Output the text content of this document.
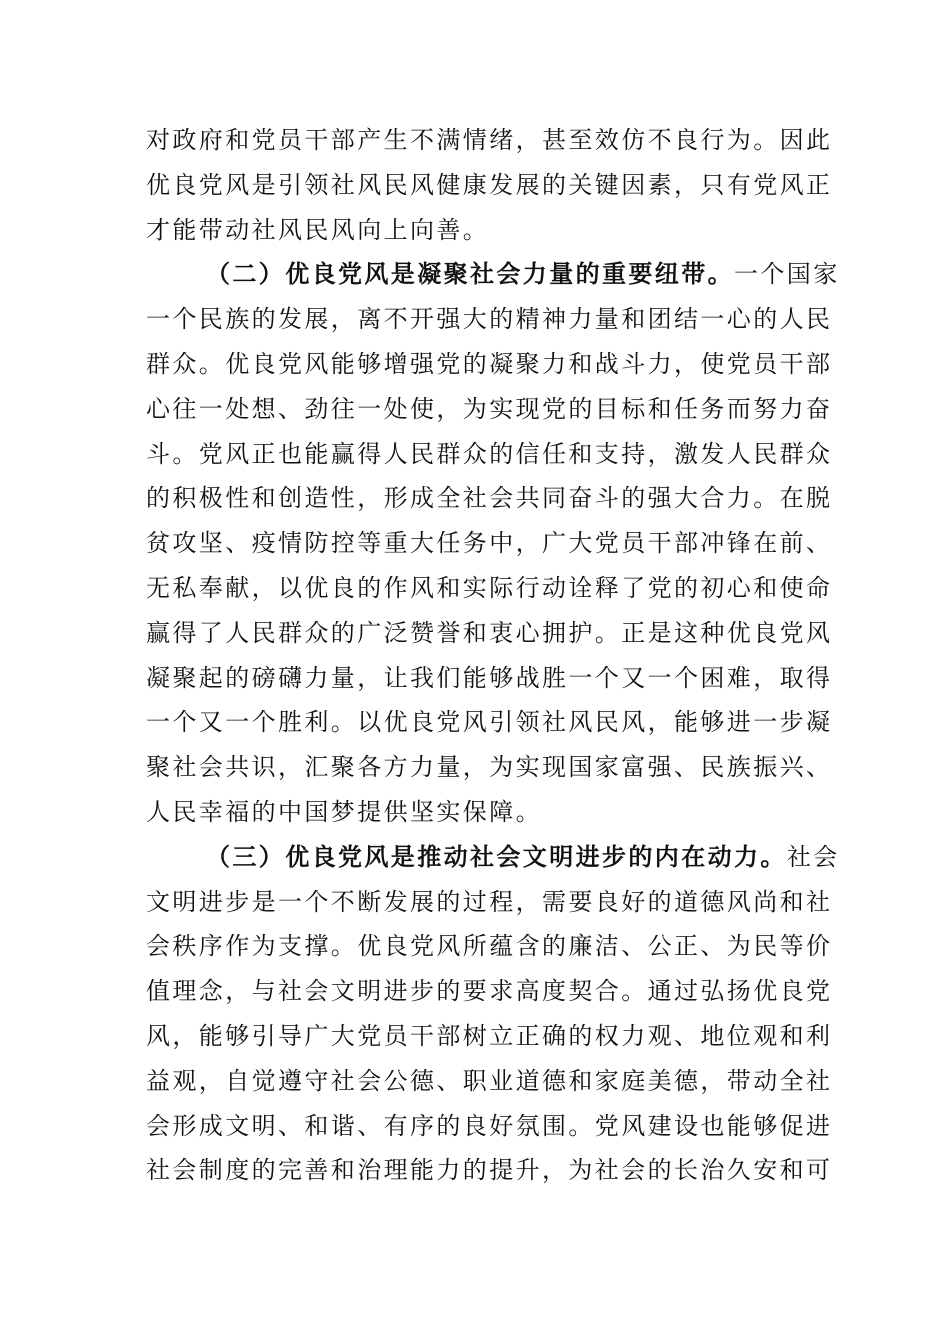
对政府和党员干部产生不满情绪，甚至效仿不良行为。因此
优良党风是引领社风民风健康发展的关键因素，只有党风正
才能带动社风民风向上向善。
（二）优良党风是凝聚社会力量的重要纽带。一个国家
一个民族的发展，离不开强大的精神力量和团结一心的人民
群众。优良党风能够增强党的凝聚力和战斗力，使党员干部
心往一处想、劲往一处使，为实现党的目标和任务而努力奋
斗。党风正也能赢得人民群众的信任和支持，激发人民群众
的积极性和创造性，形成全社会共同奋斗的强大合力。在脱
贫攻坚、疫情防控等重大任务中，广大党员干部冲锋在前、
无私奉献，以优良的作风和实际行动诠释了党的初心和使命
赢得了人民群众的广泛赞誉和衷心拥护。正是这种优良党风
凝聚起的磅礴力量，让我们能够战胜一个又一个困难，取得
一个又一个胜利。以优良党风引领社风民风，能够进一步凝
聚社会共识，汇聚各方力量，为实现国家富强、民族振兴、
人民幸福的中国梦提供坚实保障。
（三）优良党风是推动社会文明进步的内在动力。社会
文明进步是一个不断发展的过程，需要良好的道德风尚和社
会秩序作为支撑。优良党风所蕴含的廉洁、公正、为民等价
值理念，与社会文明进步的要求高度契合。通过弘扬优良党
风，能够引导广大党员干部树立正确的权力观、地位观和利
益观，自觉遵守社会公德、职业道德和家庭美德，带动全社
会形成文明、和谐、有序的良好氛围。党风建设也能够促进
社会制度的完善和治理能力的提升，为社会的长治久安和可
